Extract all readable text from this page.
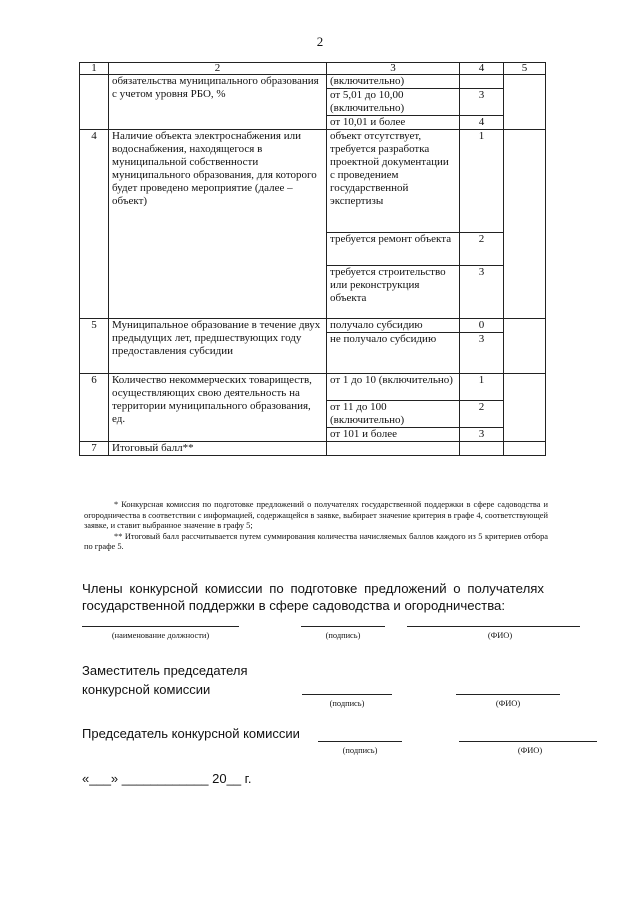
2
1	2	3	4	5
	обязательства муниципального образования с учетом уровня РБО, %	(включительно)		
		от 5,01 до 10,00 (включительно)	3	
		от 10,01 и более	4	
4	Наличие объекта электроснабжения или водоснабжения, находящегося в муниципальной собственности муниципального образования, для которого будет проведено мероприятие (далее – объект)	объект отсутствует, требуется разработка проектной документации с проведением государственной экспертизы	1	
		требуется ремонт объекта	2	
		требуется строительство или реконструкция объекта	3	
5	Муниципальное образование в течение двух предыдущих лет, предшествующих году предоставления субсидии	получало субсидию	0	
		не получало субсидию	3	
6	Количество некоммерческих товариществ, осуществляющих свою деятельность на территории муниципального образования, ед.	от 1 до 10 (включительно)	1	
		от 11 до 100 (включительно)	2	
		от 101 и более	3	
7	Итоговый балл**			

* Конкурсная комиссия по подготовке предложений о получателях государственной поддержки в сфере садоводства и огородничества в соответствии с информацией, содержащейся в заявке, выбирает значение критерия в графе 4, соответствующей заявке, и ставит выбранное значение в графу 5;

** Итоговый балл рассчитывается путем суммирования количества начисляемых баллов каждого из 5 критериев отбора по графе 5.

Члены конкурсной комиссии по подготовке предложений о получателях государственной поддержки в сфере садоводства и огородничества:
(наименование должности)	(подпись)	(ФИО)
Заместитель председателя конкурсной комиссии
(подпись)	(ФИО)
Председатель конкурсной комиссии
(подпись)	(ФИО)
«___» ____________ 20__ г.
